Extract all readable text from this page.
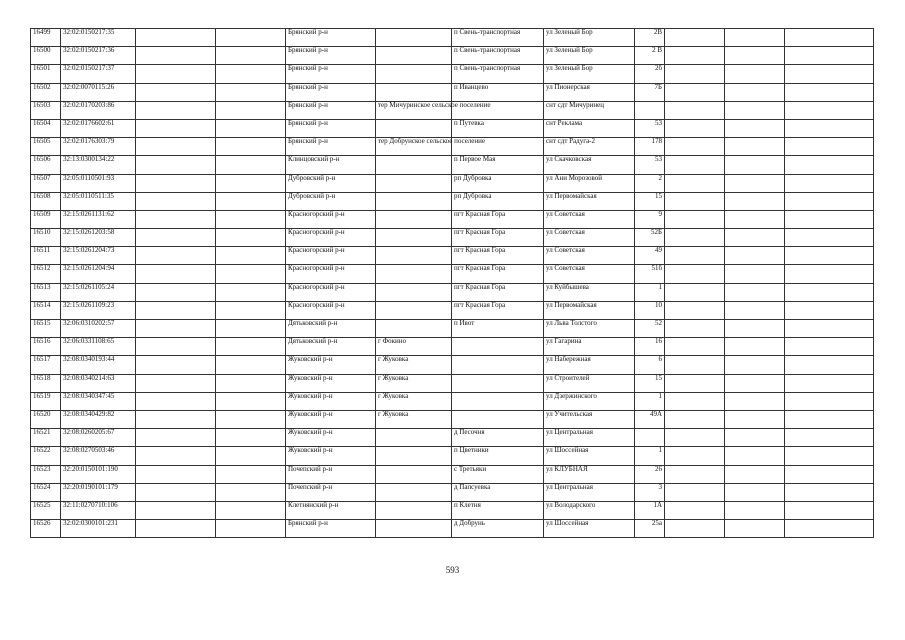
16499	32:02:0150217:35			Брянский р-н		п Свень-транспортная	ул Зеленый Бор	2В			
16500	32:02:0150217:36			Брянский р-н		п Свень-транспортная	ул Зеленый Бор	2 В			
16501	32:02:0150217:37			Брянский р-н		п Свень-транспортная	ул Зеленый Бор	2б			
16502	32:02:0070115:26			Брянский р-н		п Иванцево	ул Пионерская	7Б			
16503	32:02:0170203:86			Брянский р-н	тер Мичуринское сельское поселение		снт сдт Мичуринец				
16504	32:02:0176602:61			Брянский р-н		п Путевка	снт Рекламa	53			
16505	32:02:0176303:79			Брянский р-н	тер Добрунское сельское поселение		снт сдт Радуга-2	178			
16506	32:13:0300134:22			Клинцовский р-н		п Первое Мая	ул Скачковская	53			
16507	32:05:0110501:93			Дубровский р-н		рп Дубровка	ул Ани Морозовой	2			
16508	32:05:0110511:35			Дубровский р-н		рп Дубровка	ул Первомайская	15			
16509	32:15:0261131:62			Красногорский р-н		пгт Красная Гора	ул Советская	9			
16510	32:15:0261203:58			Красногорский р-н		пгт Красная Гора	ул Советская	52Б			
16511	32:15:0261204:73			Красногорский р-н		пгт Красная Гора	ул Советская	49			
16512	32:15:0261204:94			Красногорский р-н		пгт Красная Гора	ул Советская	51б			
16513	32:15:0261105:24			Красногорский р-н		пгт Красная Гора	ул Куйбышева	1			
16514	32:15:0261109:23			Красногорский р-н		пгт Красная Гора	ул Первомайская	10			
16515	32:06:0310202:57			Дятьковский р-н		п Ивот	ул Льва Толстого	52			
16516	32:06:0331108:65			Дятьковский р-н	г Фокино		ул Гагарина	16			
16517	32:08:0340193:44			Жуковский р-н	г Жуковка		ул Набережная	6			
16518	32:08:0340214:63			Жуковский р-н	г Жуковка		ул Строителей	15			
16519	32:08:0340347:45			Жуковский р-н	г Жуковка		ул Дзержинского	1			
16520	32:08:0340429:82			Жуковский р-н	г Жуковка		ул Учительская	49А			
16521	32:08:0260205:67			Жуковский р-н		д Песочня	ул Центральная				
16522	32:08:0270503:46			Жуковский р-н		п Цветники	ул Шоссейная	1			
16523	32:20:0150101:190			Почепский р-н		с Третьяки	ул КЛУБНАЯ	26			
16524	32:20:0190101:179			Почепский р-н		д Папсуевка	ул Центральная	3			
16525	32:11:0270710:106			Клетнянский р-н		п Клетня	ул Володарского	1А			
16526	32:02:0300101:231			Брянский р-н		д Добрунь	ул Шоссейная	25а			
593
